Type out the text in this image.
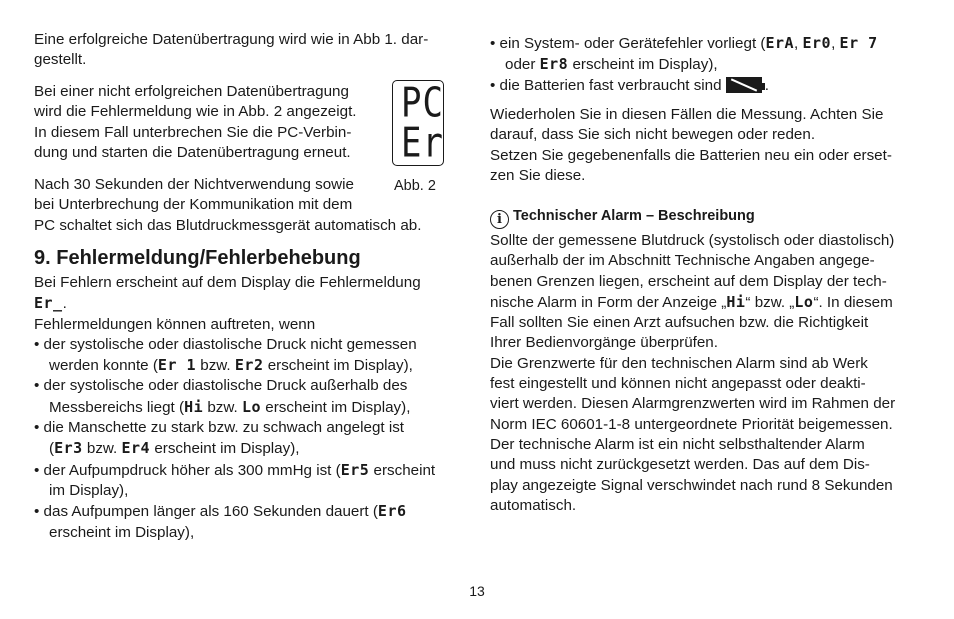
Eine erfolgreiche Datenübertragung wird wie in Abb 1. dar-

gestellt.

Bei einer nicht erfolgreichen Datenübertragung

wird die Fehlermeldung wie in Abb. 2 angezeigt.

In diesem Fall unterbrechen Sie die PC-Verbin-

dung und starten die Datenübertragung erneut.

PC
Er
Abb. 2

Nach 30 Sekunden der Nichtverwendung sowie

bei Unterbrechung der Kommunikation mit dem

PC schaltet sich das Blutdruckmessgerät automatisch ab.

9. Fehlermeldung/Fehlerbehebung

Bei Fehlern erscheint auf dem Display die Fehlermeldung

Er_.

Fehlermeldungen können auftreten, wenn

• der systolische oder diastolische Druck nicht gemessen

werden konnte (Er 1 bzw. Er2 erscheint im Display),

• der systolische oder diastolische Druck außerhalb des

Messbereichs liegt (Hi bzw. Lo erscheint im Display),

• die Manschette zu stark bzw. zu schwach angelegt ist

(Er3 bzw. Er4 erscheint im Display),

• der Aufpumpdruck höher als 300 mmHg ist (Er5 erscheint

im Display),

• das Aufpumpen länger als 160 Sekunden dauert (Er6

erscheint im Display),

• ein System- oder Gerätefehler vorliegt (ErA, Er0, Er 7

oder Er8 erscheint im Display),

• die Batterien fast verbraucht sind	.

Wiederholen Sie in diesen Fällen die Messung. Achten Sie

darauf, dass Sie sich nicht bewegen oder reden.

Setzen Sie gegebenenfalls die Batterien neu ein oder erset-

zen Sie diese.

i Technischer Alarm – Beschreibung

Sollte der gemessene Blutdruck (systolisch oder diastolisch)

außerhalb der im Abschnitt Technische Angaben angege-

benen Grenzen liegen, erscheint auf dem Display der tech-

nische Alarm in Form der Anzeige „Hi“ bzw. „Lo“. In diesem

Fall sollten Sie einen Arzt aufsuchen bzw. die Richtigkeit

Ihrer Bedienvorgänge überprüfen.

Die Grenzwerte für den technischen Alarm sind ab Werk

fest eingestellt und können nicht angepasst oder deakti-

viert werden. Diesen Alarmgrenzwerten wird im Rahmen der

Norm IEC 60601-1-8 untergeordnete Priorität beigemessen.

Der technische Alarm ist ein nicht selbsthaltender Alarm

und muss nicht zurückgesetzt werden. Das auf dem Dis-

play angezeigte Signal verschwindet nach rund 8 Sekunden

automatisch.

13
